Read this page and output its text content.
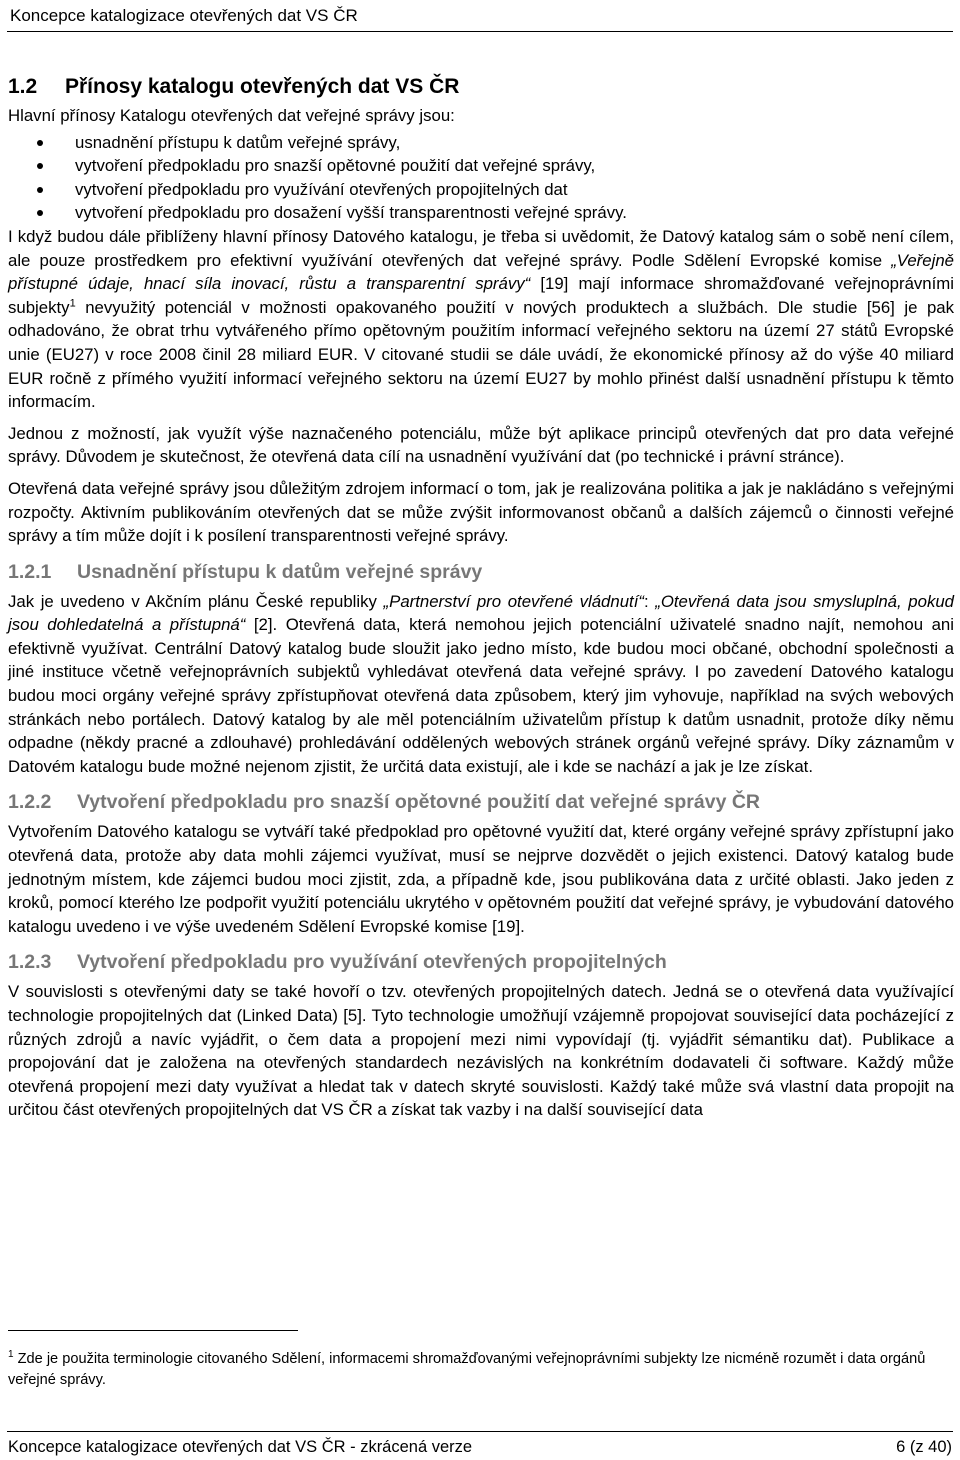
Koncepce katalogizace otevřených dat VS ČR
1.2 Přínosy katalogu otevřených dat VS ČR

Hlavní přínosy Katalogu otevřených dat veřejné správy jsou:

usnadnění přístupu k datům veřejné správy,
vytvoření předpokladu pro snazší opětovné použití dat veřejné správy,
vytvoření předpokladu pro využívání otevřených propojitelných dat
vytvoření předpokladu pro dosažení vyšší transparentnosti veřejné správy.

I když budou dále přiblíženy hlavní přínosy Datového katalogu, je třeba si uvědomit, že Datový katalog sám o sobě není cílem, ale pouze prostředkem pro efektivní využívání otevřených dat veřejné správy. Podle Sdělení Evropské komise „Veřejně přístupné údaje, hnací síla inovací, růstu a transparentní správy“ [19] mají informace shromažďované veřejnoprávními subjekty$^1$ nevyužitý potenciál v možnosti opakovaného použití v nových produktech a službách. Dle studie [56] je pak odhadováno, že obrat trhu vytvářeného přímo opětovným použitím informací veřejného sektoru na území 27 států Evropské unie (EU27) v roce 2008 činil 28 miliard EUR. V citované studii se dále uvádí, že ekonomické přínosy až do výše 40 miliard EUR ročně z přímého využití informací veřejného sektoru na území EU27 by mohlo přinést další usnadnění přístupu k těmto informacím.

Jednou z možností, jak využít výše naznačeného potenciálu, může být aplikace principů otevřených dat pro data veřejné správy. Důvodem je skutečnost, že otevřená data cílí na usnadnění využívání dat (po technické i právní stránce).

Otevřená data veřejné správy jsou důležitým zdrojem informací o tom, jak je realizována politika a jak je nakládáno s veřejnými rozpočty. Aktivním publikováním otevřených dat se může zvýšit informovanost občanů a dalších zájemců o činnosti veřejné správy a tím může dojít i k posílení transparentnosti veřejné správy.

1.2.1 Usnadnění přístupu k datům veřejné správy

Jak je uvedeno v Akčním plánu České republiky „Partnerství pro otevřené vládnutí“: „Otevřená data jsou smysluplná, pokud jsou dohledatelná a přístupná“ [2]. Otevřená data, která nemohou jejich potenciální uživatelé snadno najít, nemohou ani efektivně využívat. Centrální Datový katalog bude sloužit jako jedno místo, kde budou moci občané, obchodní společnosti a jiné instituce včetně veřejnoprávních subjektů vyhledávat otevřená data veřejné správy. I po zavedení Datového katalogu budou moci orgány veřejné správy zpřístupňovat otevřená data způsobem, který jim vyhovuje, například na svých webových stránkách nebo portálech. Datový katalog by ale měl potenciálním uživatelům přístup k datům usnadnit, protože díky němu odpadne (někdy pracné a zdlouhavé) prohledávání oddělených webových stránek orgánů veřejné správy. Díky záznamům v Datovém katalogu bude možné nejenom zjistit, že určitá data existují, ale i kde se nachází a jak je lze získat.

1.2.2 Vytvoření předpokladu pro snazší opětovné použití dat veřejné správy ČR

Vytvořením Datového katalogu se vytváří také předpoklad pro opětovné využití dat, které orgány veřejné správy zpřístupní jako otevřená data, protože aby data mohli zájemci využívat, musí se nejprve dozvědět o jejich existenci. Datový katalog bude jednotným místem, kde zájemci budou moci zjistit, zda, a případně kde, jsou publikována data z určité oblasti. Jako jeden z kroků, pomocí kterého lze podpořit využití potenciálu ukrytého v opětovném použití dat veřejné správy, je vybudování datového katalogu uvedeno i ve výše uvedeném Sdělení Evropské komise [19].

1.2.3 Vytvoření předpokladu pro využívání otevřených propojitelných

V souvislosti s otevřenými daty se také hovoří o tzv. otevřených propojitelných datech. Jedná se o otevřená data využívající technologie propojitelných dat (Linked Data) [5]. Tyto technologie umožňují vzájemně propojovat související data pocházející z různých zdrojů a navíc vyjádřit, o čem data a propojení mezi nimi vypovídají (tj. vyjádřit sémantiku dat). Publikace a propojování dat je založena na otevřených standardech nezávislých na konkrétním dodavateli či software. Každý může otevřená propojení mezi daty využívat a hledat tak v datech skryté souvislosti. Každý také může svá vlastní data propojit na určitou část otevřených propojitelných dat VS ČR a získat tak vazby i na další související data

$^1$ Zde je použita terminologie citovaného Sdělení, informacemi shromažďovanými veřejnoprávními subjekty lze nicméně rozumět i data orgánů veřejné správy.
Koncepce katalogizace otevřených dat VS ČR - zkrácená verze	6 (z 40)
